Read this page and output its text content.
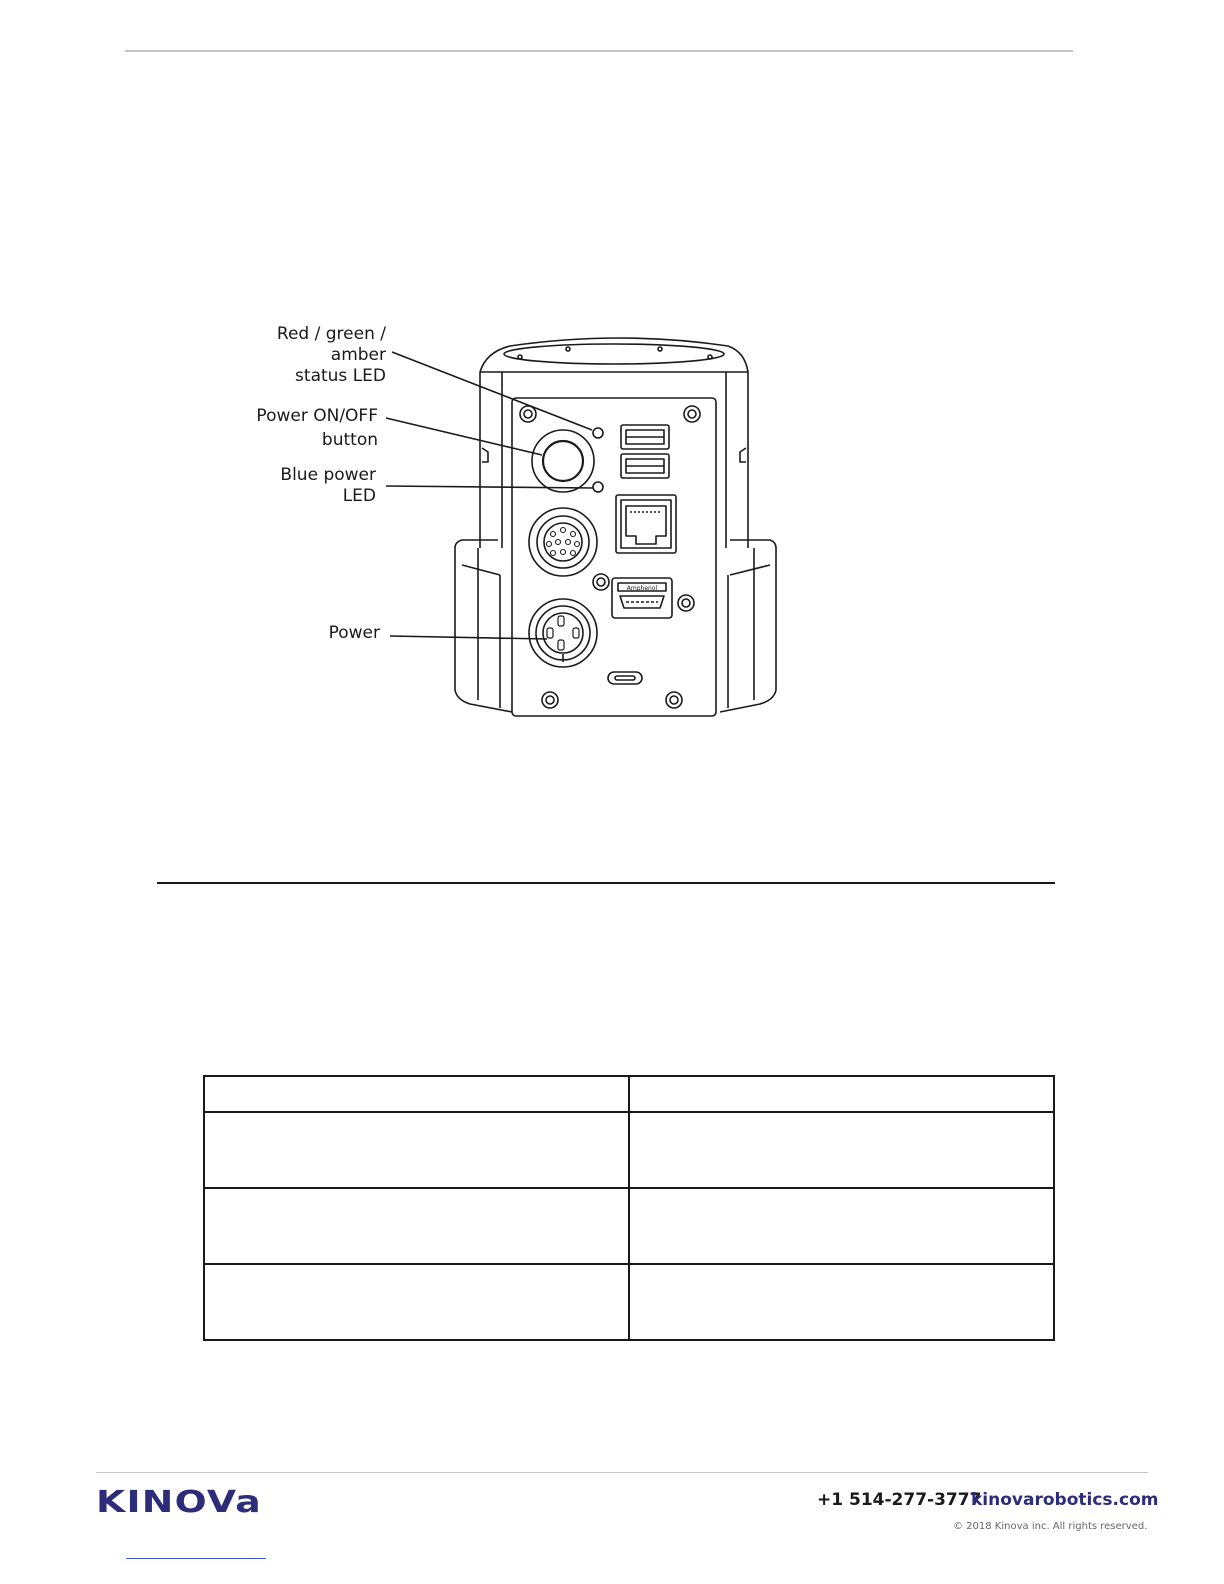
Red / green /
amber
status LED
Power ON/OFF
button
Blue power
LED
Power
Amphenol

KINOVa	+1 514-277-3777
kinovarobotics.com
© 2018 Kinova inc. All rights reserved.
